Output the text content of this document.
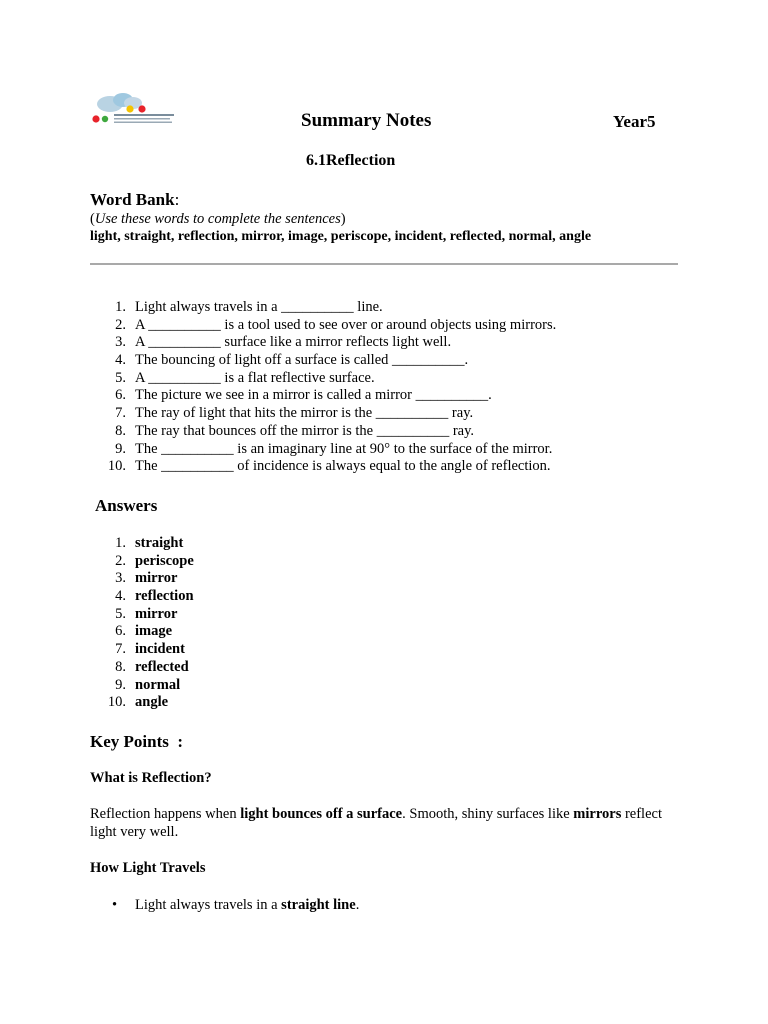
Summary Notes	Year5
6.1Reflection
Word Bank:
(Use these words to complete the sentences)
light, straight, reflection, mirror, image, periscope, incident, reflected, normal, angle
1. Light always travels in a __________ line.
2. A __________ is a tool used to see over or around objects using mirrors.
3. A __________ surface like a mirror reflects light well.
4. The bouncing of light off a surface is called __________.
5. A __________ is a flat reflective surface.
6. The picture we see in a mirror is called a mirror __________.
7. The ray of light that hits the mirror is the __________ ray.
8. The ray that bounces off the mirror is the __________ ray.
9. The __________ is an imaginary line at 90° to the surface of the mirror.
10. The __________ of incidence is always equal to the angle of reflection.
Answers
1. straight
2. periscope
3. mirror
4. reflection
5. mirror
6. image
7. incident
8. reflected
9. normal
10. angle
Key Points  :
What is Reflection?
Reflection happens when light bounces off a surface. Smooth, shiny surfaces like mirrors reflect light very well.
How Light Travels
• Light always travels in a straight line.
